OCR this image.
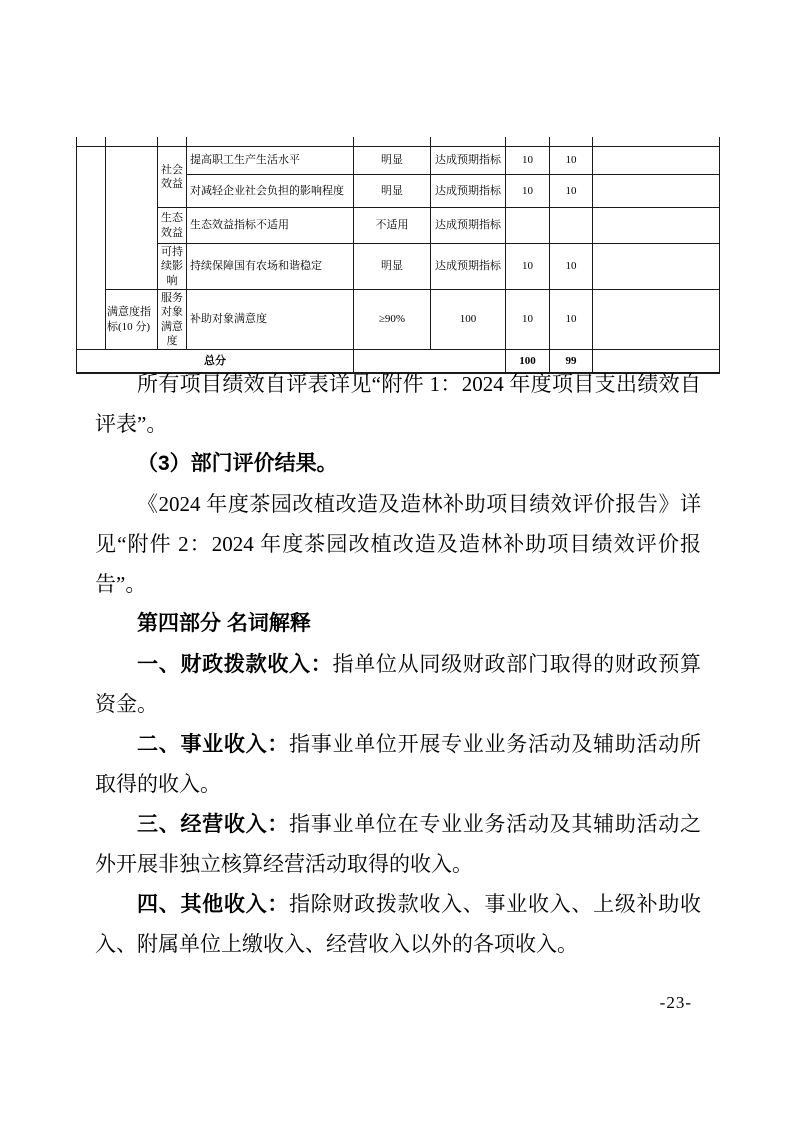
		社会效益	提高职工生产生活水平	明显	达成预期指标	10	10	
			对减轻企业社会负担的影响程度	明显	达成预期指标	10	10	
		生态效益	生态效益指标不适用	不适用	达成预期指标			
		可持续影响	持续保障国有农场和谐稳定	明显	达成预期指标	10	10	
	满意度指标(10 分)	服务对象满意度	补助对象满意度	≥90%	100	10	10	
总分						100	99	

所有项目绩效自评表详见“附件 1：2024 年度项目支出绩效自评表”。

（3）部门评价结果。

《2024 年度茶园改植改造及造林补助项目绩效评价报告》详见“附件 2：2024 年度茶园改植改造及造林补助项目绩效评价报告”。

第四部分 名词解释

一、财政拨款收入：指单位从同级财政部门取得的财政预算资金。

二、事业收入：指事业单位开展专业业务活动及辅助活动所取得的收入。

三、经营收入：指事业单位在专业业务活动及其辅助活动之外开展非独立核算经营活动取得的收入。

四、其他收入：指除财政拨款收入、事业收入、上级补助收入、附属单位上缴收入、经营收入以外的各项收入。

-23-
